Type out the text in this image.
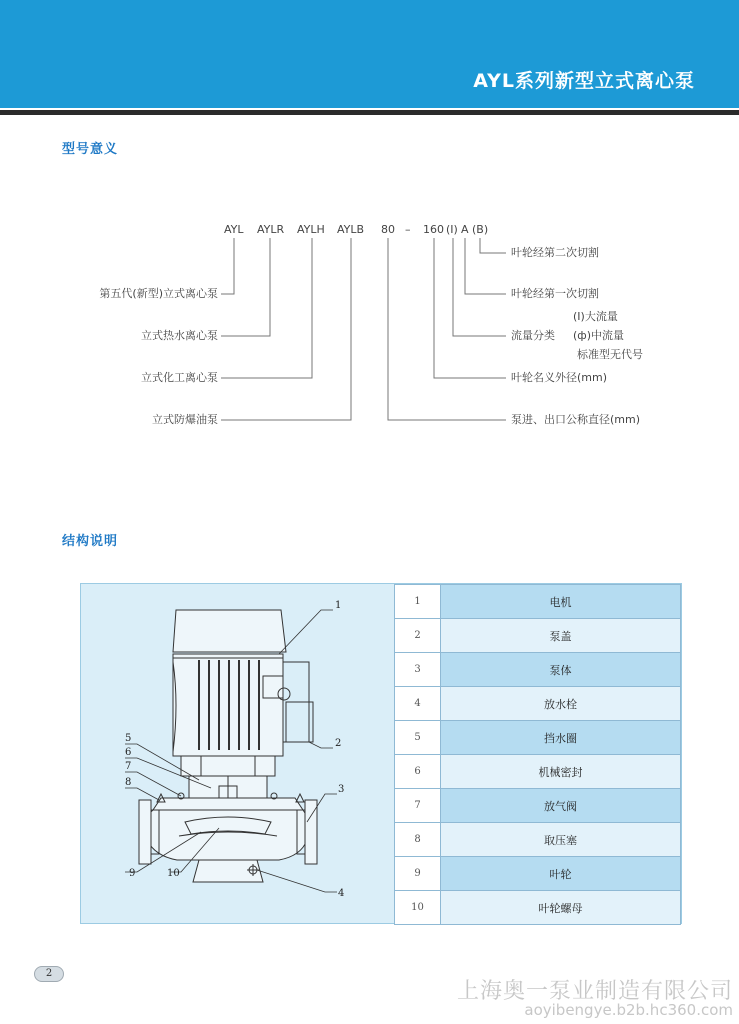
AYL系列新型立式离心泵
型号意义
AYL AYLR AYLH AYLB 80 – 160 (I) A (B)
第五代(新型)立式离心泵
立式热水离心泵
立式化工离心泵
立式防爆油泵
叶轮经第二次切割
叶轮经第一次切割
(I)大流量
流量分类 (ф)中流量
标准型无代号
叶轮名义外径(mm)
泵进、出口公称直径(mm)
结构说明
1
2
3
4
5
6
7
8
9	10
1	电机
2	泵盖
3	泵体
4	放水栓
5	挡水圈
6	机械密封
7	放气阀
8	取压塞
9	叶轮
10	叶轮螺母
2
上海奥一泵业制造有限公司
aoyibengye.b2b.hc360.com
